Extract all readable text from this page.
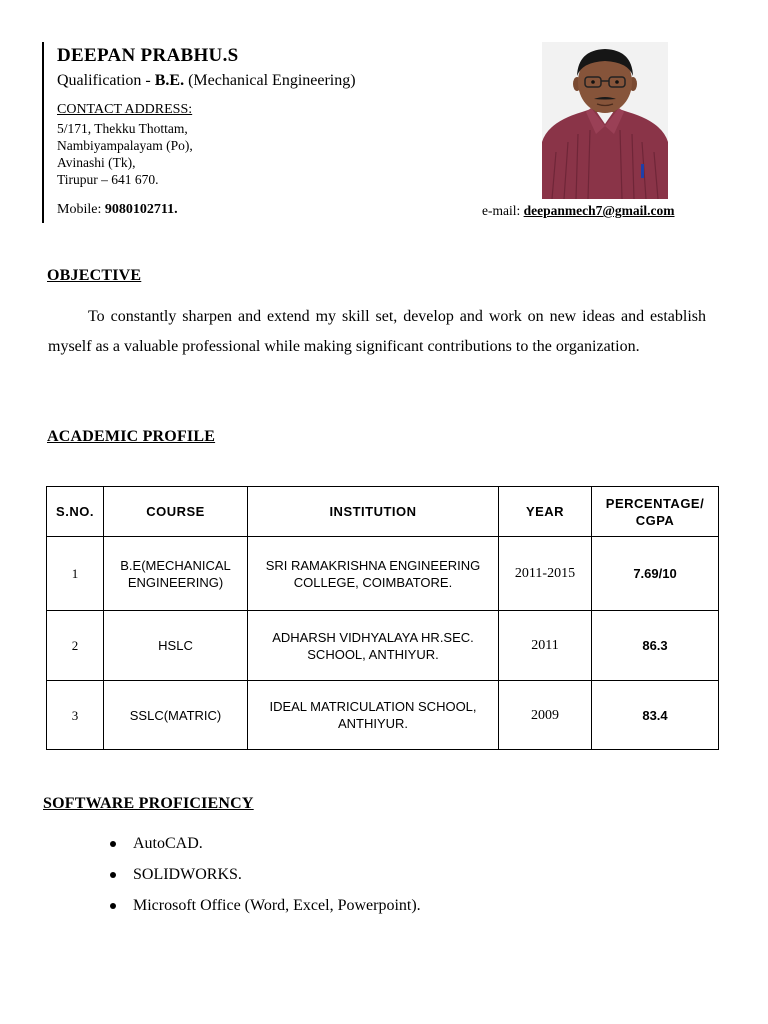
DEEPAN PRABHU.S
Qualification - B.E. (Mechanical Engineering)
CONTACT ADDRESS:
5/171, Thekku Thottam,
Nambiyampalayam (Po),
Avinashi (Tk),
Tirupur – 641 670.
Mobile: 9080102711.	e-mail: deepanmech7@gmail.com
OBJECTIVE
To constantly sharpen and extend my skill set, develop and work on new ideas and establish myself as a valuable professional while making significant contributions to the organization.
ACADEMIC PROFILE
S.NO.	COURSE	INSTITUTION	YEAR	PERCENTAGE/ CGPA
1	B.E(MECHANICAL ENGINEERING)	SRI RAMAKRISHNA ENGINEERING COLLEGE, COIMBATORE.	2011-2015	7.69/10
2	HSLC	ADHARSH VIDHYALAYA HR.SEC. SCHOOL, ANTHIYUR.	2011	86.3
3	SSLC(MATRIC)	IDEAL MATRICULATION SCHOOL, ANTHIYUR.	2009	83.4
SOFTWARE PROFICIENCY
AutoCAD.
SOLIDWORKS.
Microsoft Office (Word, Excel, Powerpoint).
